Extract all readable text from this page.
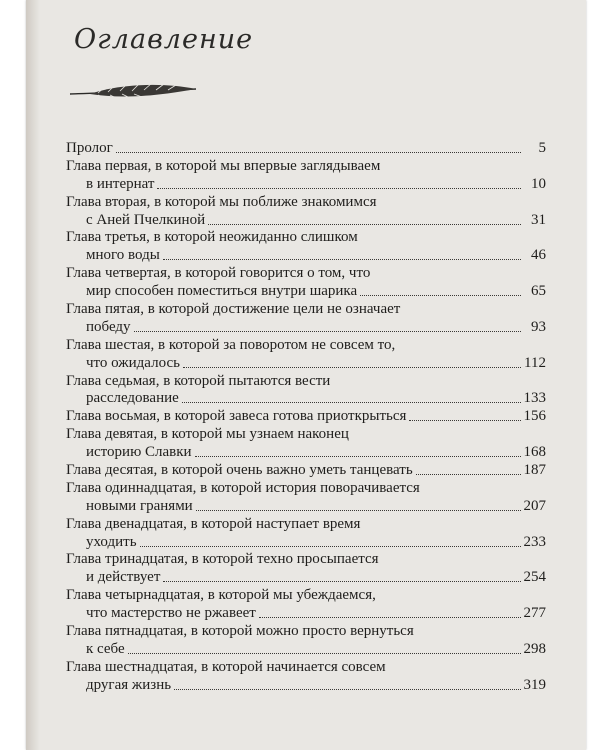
Оглавление
Пролог	5
Глава первая, в которой мы впервые заглядываем
в интернат	10
Глава вторая, в которой мы поближе знакомимся
с Аней Пчелкиной	31
Глава третья, в которой неожиданно слишком
много воды	46
Глава четвертая, в которой говорится о том, что
мир способен поместиться внутри шарика	65
Глава пятая, в которой достижение цели не означает
победу	93
Глава шестая, в которой за поворотом не совсем то,
что ожидалось	112
Глава седьмая, в которой пытаются вести
расследование	133
Глава восьмая, в которой завеса готова приоткрыться	156
Глава девятая, в которой мы узнаем наконец
историю Славки	168
Глава десятая, в которой очень важно уметь танцевать	187
Глава одиннадцатая, в которой история поворачивается
новыми гранями	207
Глава двенадцатая, в которой наступает время
уходить	233
Глава тринадцатая, в которой техно просыпается
и действует	254
Глава четырнадцатая, в которой мы убеждаемся,
что мастерство не ржавеет	277
Глава пятнадцатая, в которой можно просто вернуться
к себе	298
Глава шестнадцатая, в которой начинается совсем
другая жизнь	319
